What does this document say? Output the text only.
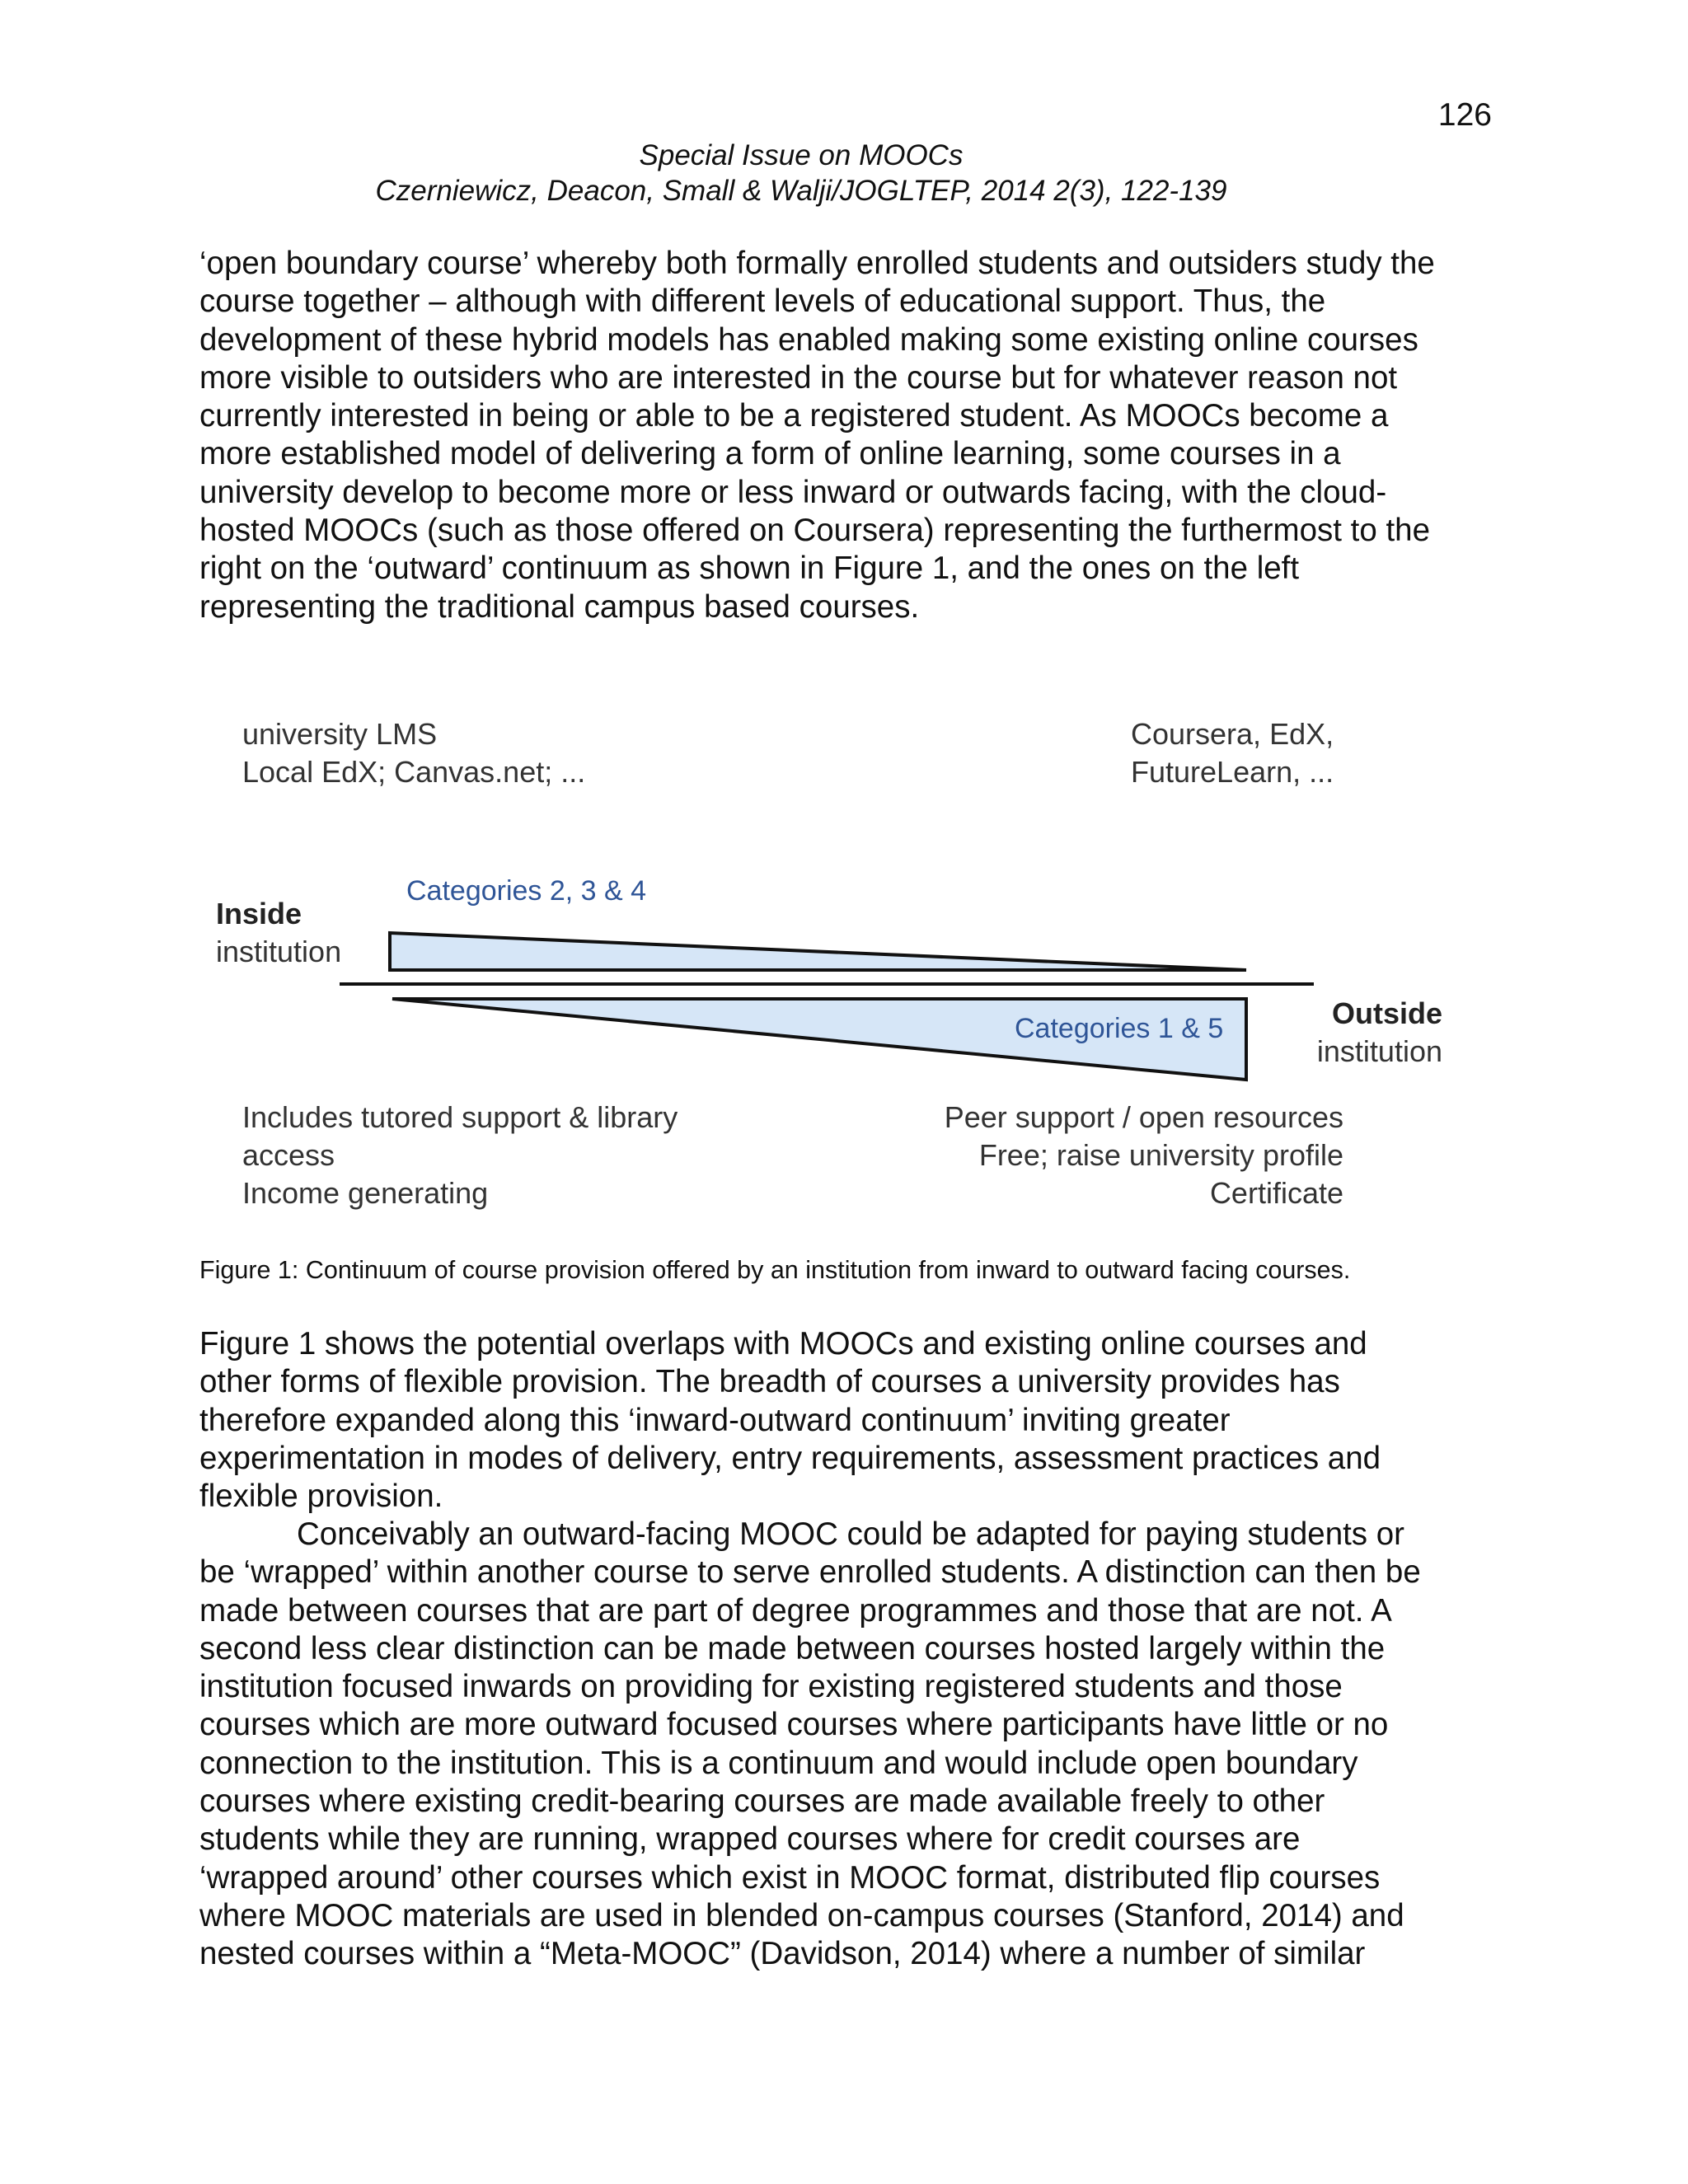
126
Special Issue on MOOCs
Czerniewicz, Deacon, Small & Walji/JOGLTEP, 2014 2(3), 122-139
‘open boundary course’ whereby both formally enrolled students and outsiders study the
course together – although with different levels of educational support. Thus, the
development of these hybrid models has enabled making some existing online courses
more visible to outsiders who are interested in the course but for whatever reason not
currently interested in being or able to be a registered student. As MOOCs become a
more established model of delivering a form of online learning, some courses in a
university develop to become more or less inward or outwards facing, with the cloud-
hosted MOOCs (such as those offered on Coursera) representing the furthermost to the
right on the ‘outward’ continuum as shown in Figure 1, and the ones on the left
representing the traditional campus based courses.
university LMS
Local EdX; Canvas.net; ...
Coursera, EdX,
FutureLearn, ...
Categories 2, 3 & 4
Categories 1 & 5
Inside
institution
Outside
institution
Includes tutored support & library
access
Income generating
Peer support / open resources
Free; raise university profile
Certificate
Figure 1: Continuum of course provision offered by an institution from inward to outward facing courses.
Figure 1 shows the potential overlaps with MOOCs and existing online courses and
other forms of flexible provision. The breadth of courses a university provides has
therefore expanded along this ‘inward-outward continuum’ inviting greater
experimentation in modes of delivery, entry requirements, assessment practices and
flexible provision.
Conceivably an outward-facing MOOC could be adapted for paying students or
be ‘wrapped’ within another course to serve enrolled students. A distinction can then be
made between courses that are part of degree programmes and those that are not. A
second less clear distinction can be made between courses hosted largely within the
institution focused inwards on providing for existing registered students and those
courses which are more outward focused courses where participants have little or no
connection to the institution. This is a continuum and would include open boundary
courses where existing credit-bearing courses are made available freely to other
students while they are running, wrapped courses where for credit courses are
‘wrapped around’ other courses which exist in MOOC format, distributed flip courses
where MOOC materials are used in blended on-campus courses (Stanford, 2014) and
nested courses within a “Meta-MOOC” (Davidson, 2014) where a number of similar
